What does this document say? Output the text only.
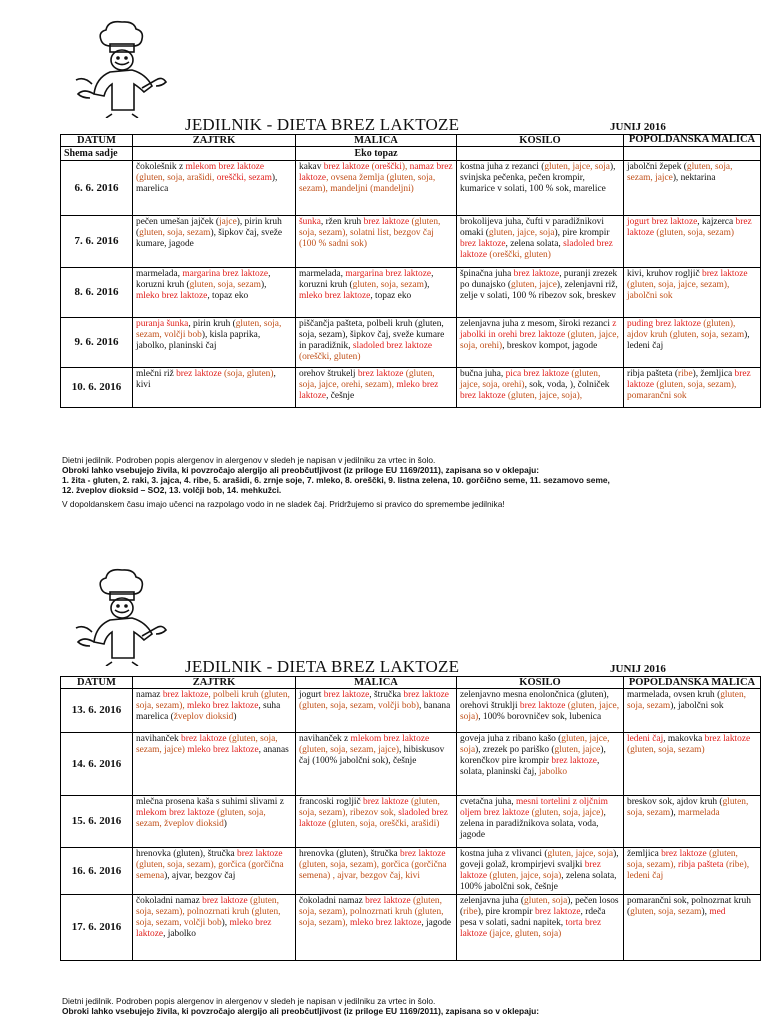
JEDILNIK - DIETA BREZ LAKTOZE	JUNIJ 2016
DATUM	ZAJTRK	MALICA	KOSILO	POPOLDANSKA MALICA
Shema sadje		Eko topaz		
6. 6. 2016	čokolešnik z mlekom brez laktoze (gluten, soja, arašidi, oreščki, sezam), marelica	kakav brez laktoze (oreščki), namaz brez laktoze, ovsena žemlja (gluten, soja, sezam), mandeljni (mandeljni)	kostna juha z rezanci (gluten, jajce, soja), svinjska pečenka, pečen krompir, kumarice v solati, 100 % sok, marelice	jabolčni žepek (gluten, soja, sezam, jajce), nektarina
7. 6. 2016	pečen umešan jajček (jajce), pirin kruh (gluten, soja, sezam), šipkov čaj, sveže kumare, jagode	šunka, ržen kruh brez laktoze (gluten, soja, sezam), solatni list, bezgov čaj (100 % sadni sok)	brokolijeva juha, čufti v paradižnikovi omaki (gluten, jajce, soja), pire krompir brez laktoze, zelena solata, sladoled brez laktoze (oreščki, gluten)	jogurt brez laktoze, kajzerca brez laktoze (gluten, soja, sezam)
8. 6. 2016	marmelada, margarina brez laktoze, koruzni kruh (gluten, soja, sezam), mleko brez laktoze, topaz eko	marmelada, margarina brez laktoze, koruzni kruh (gluten, soja, sezam), mleko brez laktoze, topaz eko	špinačna juha brez laktoze, puranji zrezek po dunajsko (gluten, jajce), zelenjavni riž, zelje v solati, 100 % ribezov sok, breskev	kivi, kruhov rogljič brez laktoze (gluten, soja, jajce, sezam), jabolčni sok
9. 6. 2016	puranja šunka, pirin kruh (gluten, soja, sezam, volčji bob), kisla paprika, jabolko, planinski čaj	piščančja pašteta, polbeli kruh (gluten, soja, sezam), šipkov čaj, sveže kumare in paradižnik, sladoled brez laktoze (oreščki, gluten)	zelenjavna juha z mesom, široki rezanci z jabolki in orehi brez laktoze (gluten, jajce, soja, orehi), breskov kompot, jagode	puding brez laktoze (gluten), ajdov kruh (gluten, soja, sezam), ledeni čaj
10. 6. 2016	mlečni riž brez laktoze (soja, gluten), kivi	orehov štrukelj brez laktoze (gluten, soja, jajce, orehi, sezam), mleko brez laktoze, češnje	bučna juha, pica brez laktoze (gluten, jajce, soja, orehi), sok, voda, ), čolniček brez laktoze (gluten, jajce, soja),	ribja pašteta (ribe), žemljica brez laktoze (gluten, soja, sezam), pomarančni sok
Dietni jedilnik. Podroben popis alergenov in alergenov v sledeh je napisan v jedilniku za vrtec in šolo.
Obroki lahko vsebujejo živila, ki povzročajo alergijo ali preobčutljivost (iz priloge EU 1169/2011), zapisana so v oklepaju:
1. žita - gluten, 2. raki, 3. jajca, 4. ribe, 5. arašidi, 6. zrnje soje, 7. mleko, 8. oreščki, 9. listna zelena, 10. gorčično seme, 11. sezamovo seme,
12. žveplov dioksid – SO2, 13. volčji bob, 14. mehkužci.
V dopoldanskem času imajo učenci na razpolago vodo in ne sladek čaj. Pridržujemo si pravico do spremembe jedilnika!
JEDILNIK - DIETA BREZ LAKTOZE	JUNIJ 2016
DATUM	ZAJTRK	MALICA	KOSILO	POPOLDANSKA MALICA
13. 6. 2016	namaz brez laktoze, polbeli kruh (gluten, soja, sezam), mleko brez laktoze, suha marelica (žveplov dioksid)	jogurt brez laktoze, štručka brez laktoze (gluten, soja, sezam, volčji bob), banana	zelenjavno mesna enolončnica (gluten), orehovi štruklji brez laktoze (gluten, jajce, soja), 100% borovničev sok, lubenica	marmelada, ovsen kruh (gluten, soja, sezam), jabolčni sok
14. 6. 2016	navihanček brez laktoze (gluten, soja, sezam, jajce) mleko brez laktoze, ananas	navihanček z mlekom brez laktoze (gluten, soja, sezam, jajce), hibiskusov čaj (100% jabolčni sok), češnje	goveja juha z ribano kašo (gluten, jajce, soja), zrezek po pariško (gluten, jajce), korenčkov pire krompir brez laktoze, solata, planinski čaj, jabolko	ledeni čaj, makovka brez laktoze (gluten, soja, sezam)
15. 6. 2016	mlečna prosena kaša s suhimi slivami z mlekom brez laktoze (gluten, soja, sezam, žveplov dioksid)	francoski rogljič brez laktoze (gluten, soja, sezam), ribezov sok, sladoled brez laktoze (gluten, soja, oreščki, arašidi)	cvetačna juha, mesni tortelini z oljčnim oljem brez laktoze (gluten, soja, jajce), zelena in paradižnikova solata, voda, jagode	breskov sok, ajdov kruh (gluten, soja, sezam), marmelada
16. 6. 2016	hrenovka (gluten), štručka brez laktoze (gluten, soja, sezam), gorčica (gorčična semena), ajvar, bezgov čaj	hrenovka (gluten), štručka brez laktoze (gluten, soja, sezam), gorčica (gorčična semena) , ajvar, bezgov čaj, kivi	kostna juha z vlivanci (gluten, jajce, soja), goveji golaž, krompirjevi svaljki brez laktoze (gluten, jajce, soja), zelena solata, 100% jabolčni sok, češnje	žemljica brez laktoze (gluten, soja, sezam), ribja pašteta (ribe), ledeni čaj
17. 6. 2016	čokoladni namaz brez laktoze (gluten, soja, sezam), polnozrnati kruh (gluten, soja, sezam, volčji bob), mleko brez laktoze, jabolko	čokoladni namaz brez laktoze (gluten, soja, sezam), polnozrnati kruh (gluten, soja, sezam), mleko brez laktoze, jagode	zelenjavna juha (gluten, soja), pečen losos (ribe), pire krompir brez laktoze, rdeča pesa v solati, sadni napitek, torta brez laktoze (jajce, gluten, soja)	pomarančni sok, polnozrnat kruh (gluten, soja, sezam), med
Dietni jedilnik. Podroben popis alergenov in alergenov v sledeh je napisan v jedilniku za vrtec in šolo.
Obroki lahko vsebujejo živila, ki povzročajo alergijo ali preobčutljivost (iz priloge EU 1169/2011), zapisana so v oklepaju:
